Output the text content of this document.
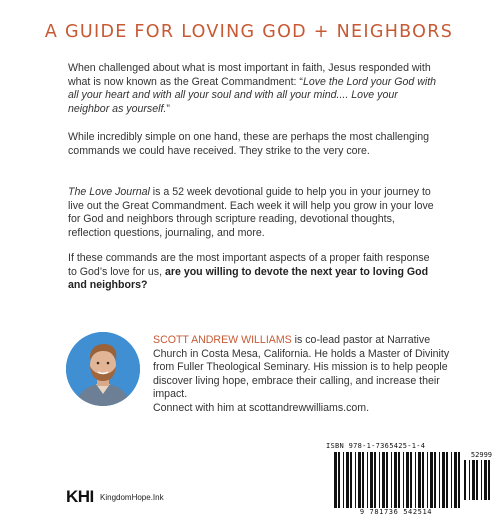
A GUIDE FOR LOVING GOD + NEIGHBORS
When challenged about what is most important in faith, Jesus responded with what is now known as the Great Commandment: “Love the Lord your God with all your heart and with all your soul and with all your mind.... Love your neighbor as yourself.”
While incredibly simple on one hand, these are perhaps the most challenging commands we could have received. They strike to the very core.
The Love Journal is a 52 week devotional guide to help you in your journey to live out the Great Commandment. Each week it will help you grow in your love for God and neighbors through scripture reading, devotional thoughts, reflection questions, journaling, and more.
If these commands are the most important aspects of a proper faith response to God’s love for us, are you willing to devote the next year to loving God and neighbors?
SCOTT ANDREW WILLIAMS is co-lead pastor at Narrative Church in Costa Mesa, California. He holds a Master of Divinity from Fuller Theological Seminary. His mission is to help people discover living hope, embrace their calling, and increase their impact.
Connect with him at scottandrewwilliams.com.
ISBN 978-1-7365425-1-4
52999
9 781736 542514
KHI KingdomHope.Ink
